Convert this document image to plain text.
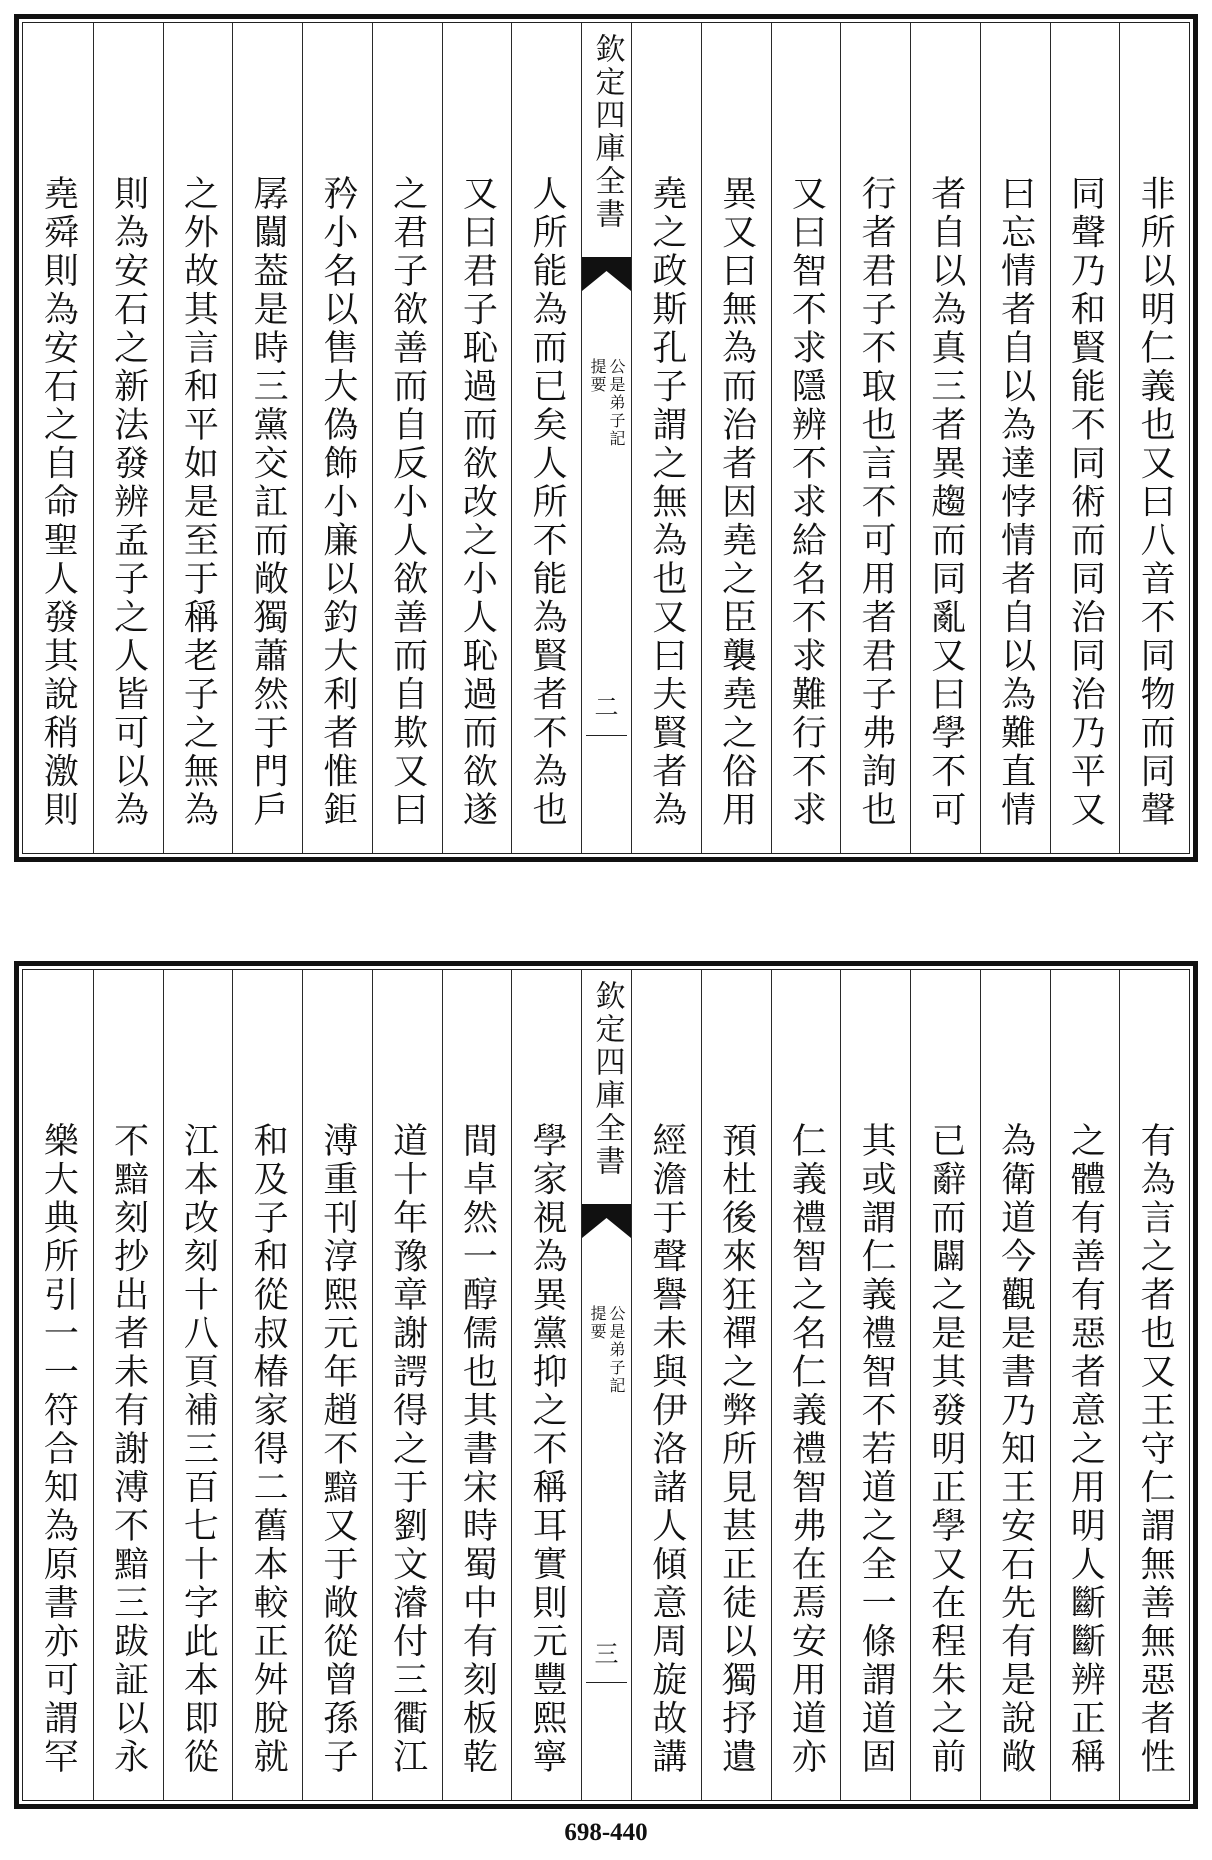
非所以明仁義也又曰八音不同物而同聲
同聲乃和賢能不同術而同治同治乃平又
曰忘情者自以為達悖情者自以為難直情
者自以為真三者異趨而同亂又曰學不可
行者君子不取也言不可用者君子弗詢也
又曰智不求隱辨不求給名不求難行不求
異又曰無為而治者因堯之臣襲堯之俗用
堯之政斯孔子謂之無為也又曰夫賢者為
欽定四庫全書
公是弟子記
提要
二
人所能為而已矣人所不能為賢者不為也
又曰君子恥過而欲改之小人恥過而欲遂
之君子欲善而自反小人欲善而自欺又曰
矜小名以售大偽飾小廉以釣大利者惟鉅
孱闒葢是時三黨交訌而敞獨蕭然于門戶
之外故其言和平如是至于稱老子之無為
則為安石之新法發辨孟子之人皆可以為
堯舜則為安石之自命聖人發其說稍激則
有為言之者也又王守仁謂無善無惡者性
之體有善有惡者意之用明人斷斷辨正稱
為衛道今觀是書乃知王安石先有是說敞
已辭而闢之是其發明正學又在程朱之前
其或謂仁義禮智不若道之全一條謂道固
仁義禮智之名仁義禮智弗在焉安用道亦
預杜後來狂禪之弊所見甚正徒以獨抒遺
經澹于聲譽未與伊洛諸人傾意周旋故講
欽定四庫全書
公是弟子記
提要
三
學家視為異黨抑之不稱耳實則元豐熙寧
間卓然一醇儒也其書宋時蜀中有刻板乾
道十年豫章謝諤得之于劉文濬付三衢江
溥重刊淳熙元年趙不黯又于敞從曾孫子
和及子和從叔椿家得二舊本較正舛脫就
江本改刻十八頁補三百七十字此本即從
不黯刻抄出者未有謝溥不黯三跋証以永
樂大典所引一一符合知為原書亦可謂罕
698-440
